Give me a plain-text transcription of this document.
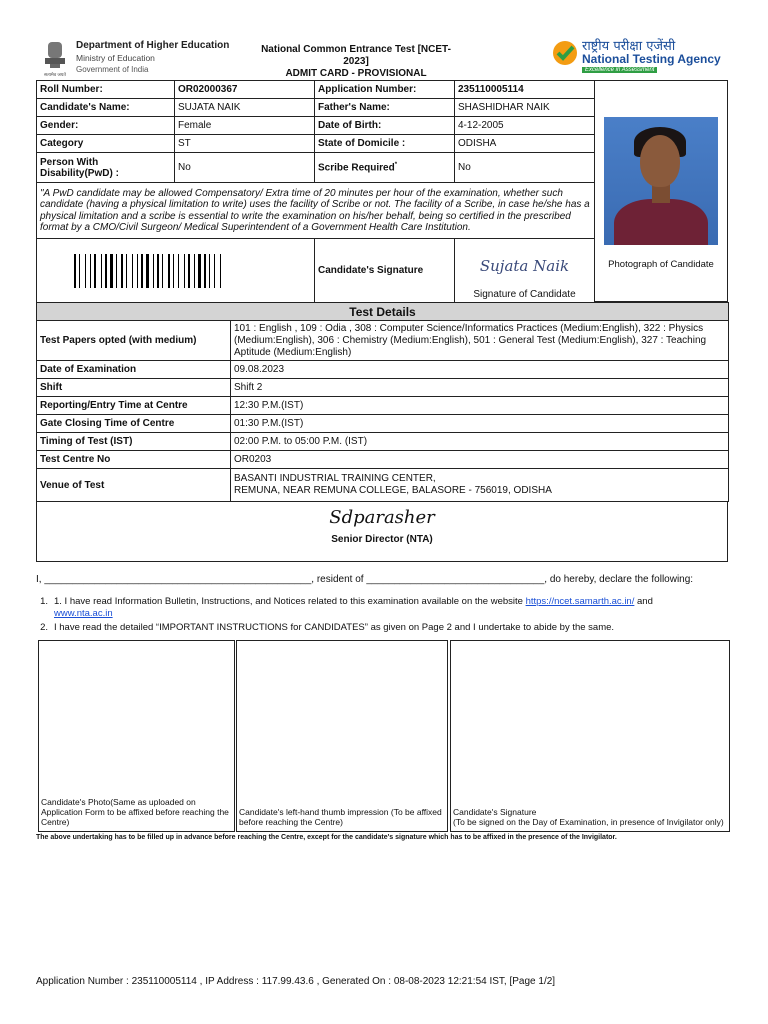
सत्यमेव जयते
Department of Higher Education
Ministry of Education
Government of India
National Common Entrance Test [NCET-2023]
ADMIT CARD - PROVISIONAL
राष्ट्रीय परीक्षा एजेंसी
National Testing Agency
Excellence in Assessment
Roll Number:	OR02000367	Application Number:	235110005114
Candidate's Name:	SUJATA NAIK	Father's Name:	SHASHIDHAR NAIK
Gender:	Female	Date of Birth:	4-12-2005
Category	ST	State of Domicile :	ODISHA
Person With Disability(PwD) :	No	Scribe Required*	No
"A PwD candidate may be allowed Compensatory/ Extra time of 20 minutes per hour of the examination, whether such candidate (having a physical limitation to write) uses the facility of Scribe or not. The facility of a Scribe, in case he/she has a physical limitation and a scribe is essential to write the examination on his/her behalf, being so certified in the prescribed format by a CMO/Civil Surgeon/ Medical Superintendent of a Government Health Care Institution.			

		Candidate's Signature	Sujata Naik
Signature of Candidate
Photograph of Candidate
Test Details	
Test Papers opted (with medium)	101 : English , 109 : Odia , 308 : Computer Science/Informatics Practices (Medium:English), 322 : Physics (Medium:English), 306 : Chemistry (Medium:English), 501 : General Test (Medium:English), 327 : Teaching Aptitude (Medium:English)
Date of Examination	09.08.2023
Shift	Shift 2
Reporting/Entry Time at Centre	12:30 P.M.(IST)
Gate Closing Time of Centre	01:30 P.M.(IST)
Timing of Test (IST)	02:00 P.M. to 05:00 P.M. (IST)
Test Centre No	OR0203
Venue of Test	BASANTI INDUSTRIAL TRAINING CENTER,
REMUNA, NEAR REMUNA COLLEGE, BALASORE - 756019, ODISHA
Sdparasher
Senior Director (NTA)
I, ________________________________________________, resident of ________________________________, do hereby, declare the following:
1. 1. I have read Information Bulletin, Instructions, and Notices related to this examination available on the website https://ncet.samarth.ac.in/ and
www.nta.ac.in
2. I have read the detailed “IMPORTANT INSTRUCTIONS for CANDIDATES” as given on Page 2 and I undertake to abide by the same.
Candidate's Photo(Same as uploaded on Application Form to be affixed before reaching the Centre)
Candidate's left-hand thumb impression (To be affixed before reaching the Centre)
Candidate's Signature
(To be signed on the Day of Examination, in presence of Invigilator only)
The above undertaking has to be filled up in advance before reaching the Centre, except for the candidate's signature which has to be affixed in the presence of the Invigilator.
Application Number : 235110005114 , IP Address : 117.99.43.6 , Generated On : 08-08-2023 12:21:54 IST, [Page 1/2]
